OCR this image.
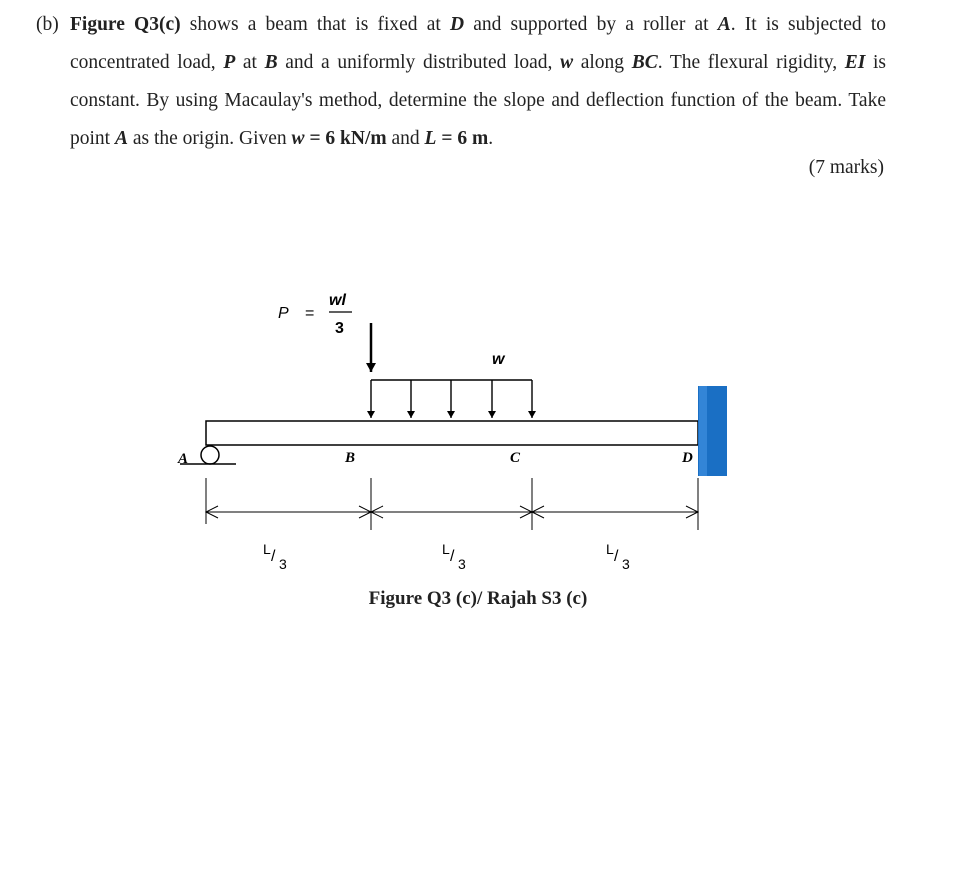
(b) Figure Q3(c) shows a beam that is fixed at D and supported by a roller at A. It is subjected to concentrated load, P at B and a uniformly distributed load, w along BC. The flexural rigidity, EI is constant. By using Macaulay's method, determine the slope and deflection function of the beam. Take point A as the origin. Given w = 6 kN/m and L = 6 m.

(7 marks)
P =
wl
3
w
A	B	C	D
L / 3
L / 3
L / 3
Figure Q3 (c)/ Rajah S3 (c)
